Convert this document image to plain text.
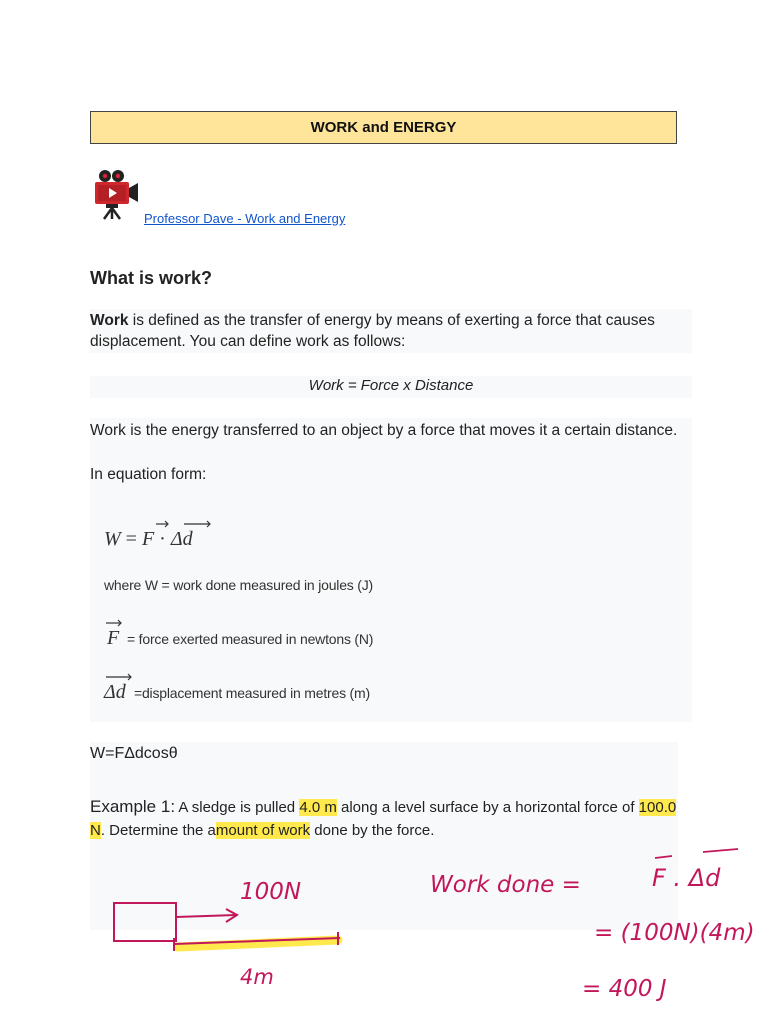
WORK and ENERGY
Professor Dave - Work and Energy
What is work?
Work is defined as the transfer of energy by means of exerting a force that causes displacement. You can define work as follows:
Work = Force x Distance
Work is the energy transferred to an object by a force that moves it a certain distance.
In equation form:
W = F · Δd
where W = work done measured in joules (J)
F = force exerted measured in newtons (N)
Δd =displacement measured in metres (m)
W=FΔdcosθ
Example 1: A sledge is pulled 4.0 m along a level surface by a horizontal force of 100.0 N. Determine the amount of work done by the force.
100N
4m
Work done =	F . Δd
= (100N)(4m)
= 400 J
